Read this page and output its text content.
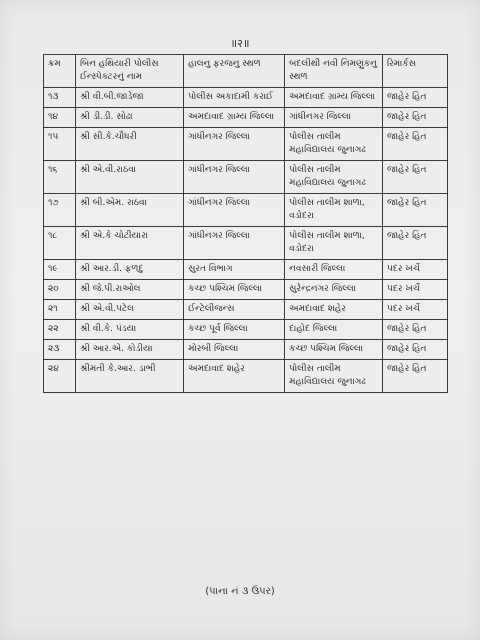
॥२॥
ક્રમ	બિન હથિયારી પોલીસ ઈન્સ્પેક્ટરનું નામ	હાલનુ ફરજનુ સ્થળ	બદલીથી નવી નિમણુંકનુ સ્થળ	રિમાર્કસ
૧૩	શ્રી વી.બી.જાડેજા	પોલીસ અકાદામી કરાઈ	અમદાવાદ ગ્રામ્ય જિલ્લા	જાહેર હિત
૧૪	શ્રી ડી.ડી. સોઢા	અમદાવાદ ગ્રામ્ય જિલ્લા	ગાંધીનગર જિલ્લા	જાહેર હિત
૧૫	શ્રી સી.કે.ચૌધરી	ગાંધીનગર જિલ્લા	પોલીસ તાલીમ મહાવિદ્યાલય જુનાગઢ	જાહેર હિત
૧૬	શ્રી એ.વી.રાઠવા	ગાંધીનગર જિલ્લા	પોલીસ તાલીમ મહાવિદ્યાલય જુનાગઢ	જાહેર હિત
૧૭	શ્રી બી.એમ. રાઠવા	ગાંધીનગર જિલ્લા	પોલીસ તાલીમ શાળા, વડોદરા	જાહેર હિત
૧૮	શ્રી એ.કે ચોટીયારા	ગાંધીનગર જિલ્લા	પોલીસ તાલીમ શાળા, વડોદરા	જાહેર હિત
૧૯	શ્રી આર.ડી. ફળદુ	સુરત વિભાગ	નવસારી જિલ્લા	પદર ખર્ચે
૨૦	શ્રી જે.પી.રાઓલ	કચ્છ પશ્ચિમ જિલ્લા	સુરેન્દ્રનગર જિલ્લા	પદર ખર્ચે
૨૧	શ્રી એ.વી.પટેલ	ઈન્ટેલીજન્સ	અમદાવાદ શહેર	પદર ખર્ચે
૨૨	શ્રી વી.કે. પંડયા	કચ્છ પૂર્વ જિલ્લા	દાહોદ જિલ્લા	જાહેર હિત
૨૩	શ્રી આર.એ. કોડીયા	મોરબી જિલ્લા	કચ્છ પશ્ચિમ જિલ્લા	જાહેર હિત
૨૪	શ્રીમતી કે.આર. ડાભી	અમદાવાદ શહેર	પોલીસ તાલીમ મહાવિદ્યાલય જુનાગઢ	જાહેર હિત
(પાના નં ૩ ઉપર)
